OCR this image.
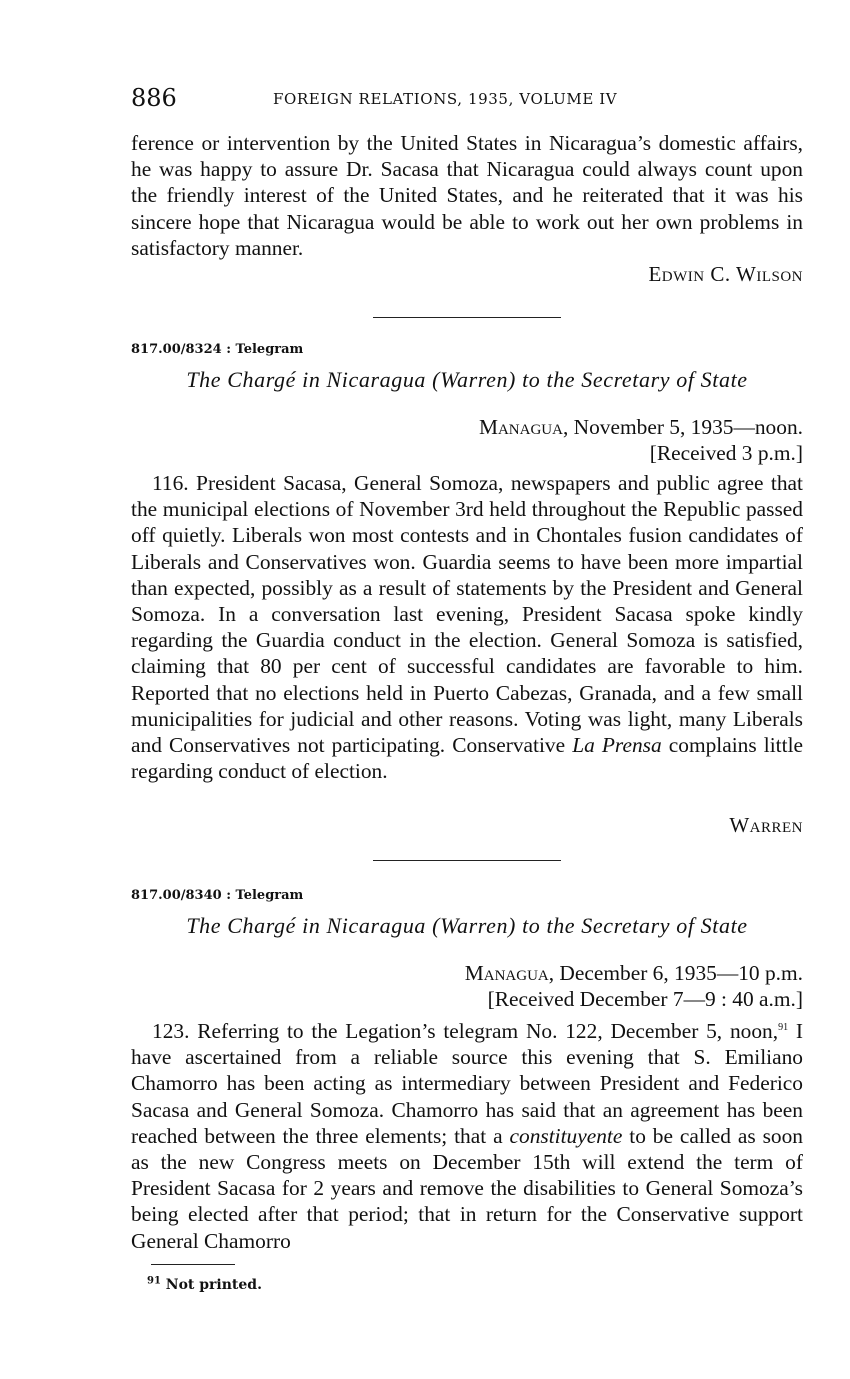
886	FOREIGN RELATIONS, 1935, VOLUME IV

ference or intervention by the United States in Nicaragua’s domestic affairs, he was happy to assure Dr. Sacasa that Nicaragua could always count upon the friendly interest of the United States, and he reiterated that it was his sincere hope that Nicaragua would be able to work out her own problems in satisfactory manner.

Edwin C. Wilson
817.00/8324 : Telegram
The Chargé in Nicaragua (Warren) to the Secretary of State
Managua, November 5, 1935—noon.
[Received 3 p.m.]

116. President Sacasa, General Somoza, newspapers and public agree that the municipal elections of November 3rd held throughout the Republic passed off quietly. Liberals won most contests and in Chontales fusion candidates of Liberals and Conservatives won. Guardia seems to have been more impartial than expected, possibly as a result of statements by the President and General Somoza. In a conversation last evening, President Sacasa spoke kindly regarding the Guardia conduct in the election. General Somoza is satisfied, claiming that 80 per cent of successful candidates are favorable to him. Reported that no elections held in Puerto Cabezas, Granada, and a few small municipalities for judicial and other reasons. Voting was light, many Liberals and Conservatives not participating. Conservative La Prensa complains little regarding conduct of election.

Warren
817.00/8340 : Telegram
The Chargé in Nicaragua (Warren) to the Secretary of State
Managua, December 6, 1935—10 p.m.
[Received December 7—9 : 40 a.m.]

123. Referring to the Legation’s telegram No. 122, December 5, noon,$^{91}$ I have ascertained from a reliable source this evening that S. Emiliano Chamorro has been acting as intermediary between President and Federico Sacasa and General Somoza. Chamorro has said that an agreement has been reached between the three elements; that a constituyente to be called as soon as the new Congress meets on December 15th will extend the term of President Sacasa for 2 years and remove the disabilities to General Somoza’s being elected after that period; that in return for the Conservative support General Chamorro

$^{91}$ Not printed.
